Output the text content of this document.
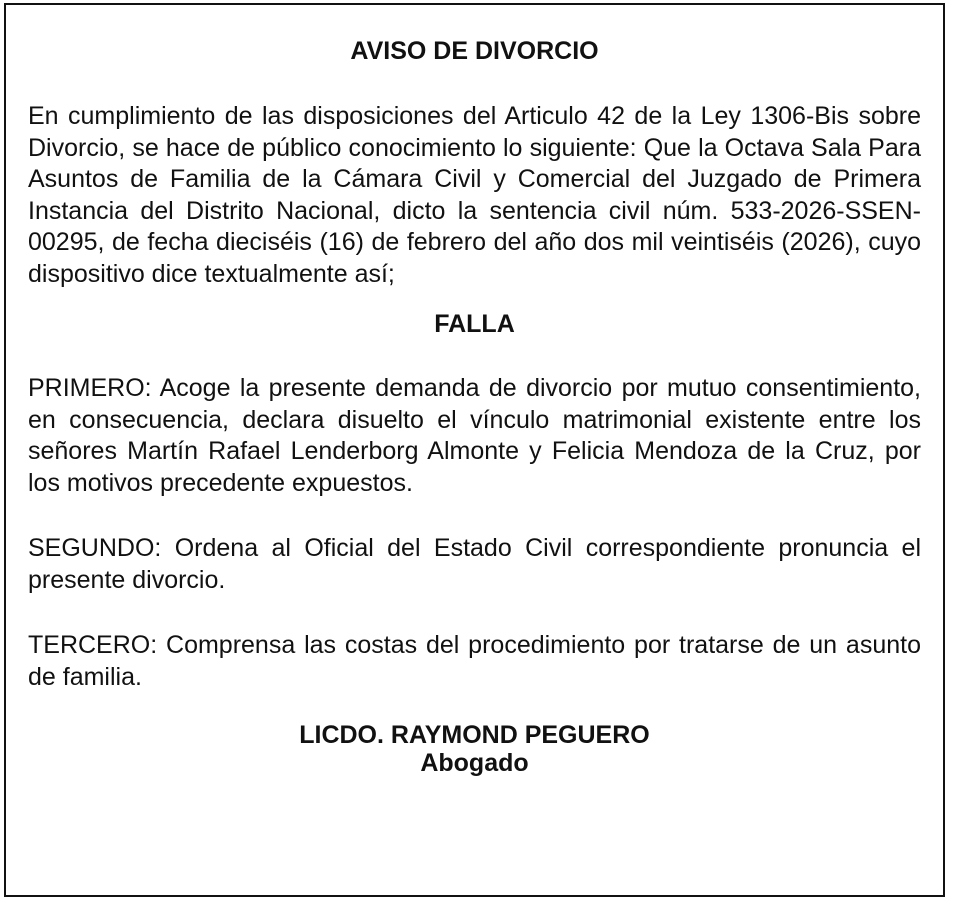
AVISO DE DIVORCIO

En cumplimiento de las disposiciones del Articulo 42 de la Ley 1306-Bis sobre Divorcio, se hace de público conocimiento lo siguiente: Que la Octava Sala Para Asuntos de Familia de la Cámara Civil y Comercial del Juzgado de Primera Instancia del Distrito Nacional, dicto la sentencia civil núm. 533-2026-SSEN-00295, de fecha dieciséis (16) de febrero del año dos mil veintiséis (2026), cuyo dispositivo dice textualmente así;

FALLA

PRIMERO: Acoge la presente demanda de divorcio por mutuo consentimiento, en consecuencia, declara disuelto el vínculo matrimonial existente entre los señores Martín Rafael Lenderborg Almonte y Felicia Mendoza de la Cruz, por los motivos precedente expuestos.

SEGUNDO: Ordena al Oficial del Estado Civil correspondiente pronuncia el presente divorcio.

TERCERO: Comprensa las costas del procedimiento por tratarse de un asunto de familia.

LICDO. RAYMOND PEGUERO
Abogado
